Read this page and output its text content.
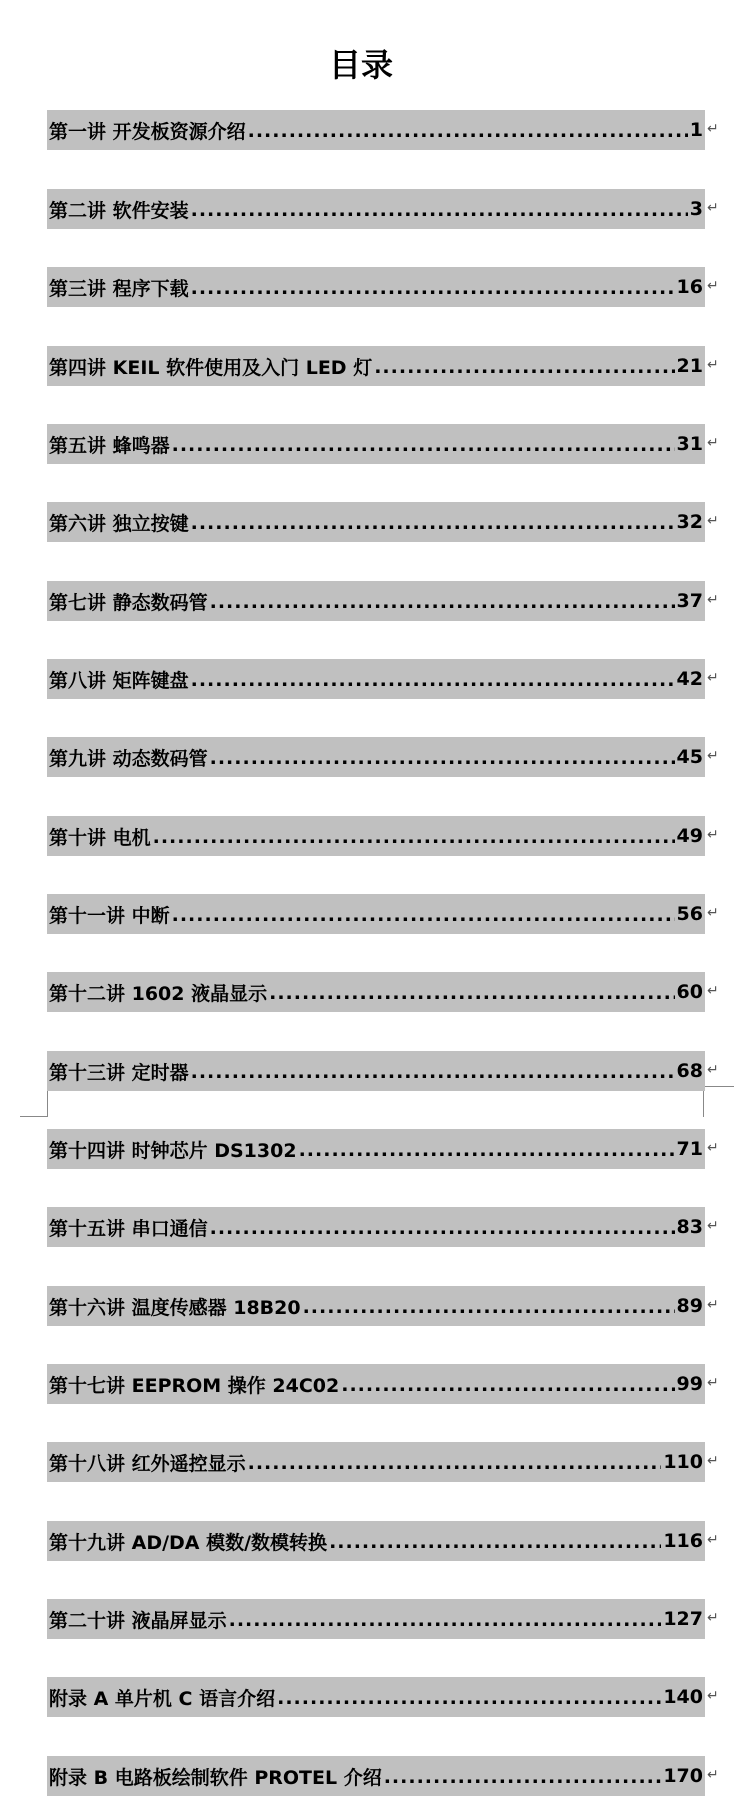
目录
第一讲 开发板资源介绍 .....	1 ↵
第二讲 软件安装 .....	3 ↵
第三讲 程序下载 .....	16 ↵
第四讲 KEIL 软件使用及入门 LED 灯 .....	21 ↵
第五讲 蜂鸣器 .....	31 ↵
第六讲 独立按键 .....	32 ↵
第七讲 静态数码管 .....	37 ↵
第八讲 矩阵键盘 .....	42 ↵
第九讲 动态数码管 .....	45 ↵
第十讲 电机 .....	49 ↵
第十一讲 中断 .....	56 ↵
第十二讲 1602 液晶显示 .....	60 ↵
第十三讲 定时器 .....	68 ↵
第十四讲 时钟芯片 DS1302 .....	71 ↵
第十五讲 串口通信 .....	83 ↵
第十六讲 温度传感器 18B20 .....	89 ↵
第十七讲 EEPROM 操作 24C02 .....	99 ↵
第十八讲 红外遥控显示 .....	110 ↵
第十九讲 AD/DA 模数/数模转换 .....	116 ↵
第二十讲 液晶屏显示 .....	127 ↵
附录 A 单片机 C 语言介绍 .....	140 ↵
附录 B 电路板绘制软件 PROTEL 介绍 .....	170 ↵
